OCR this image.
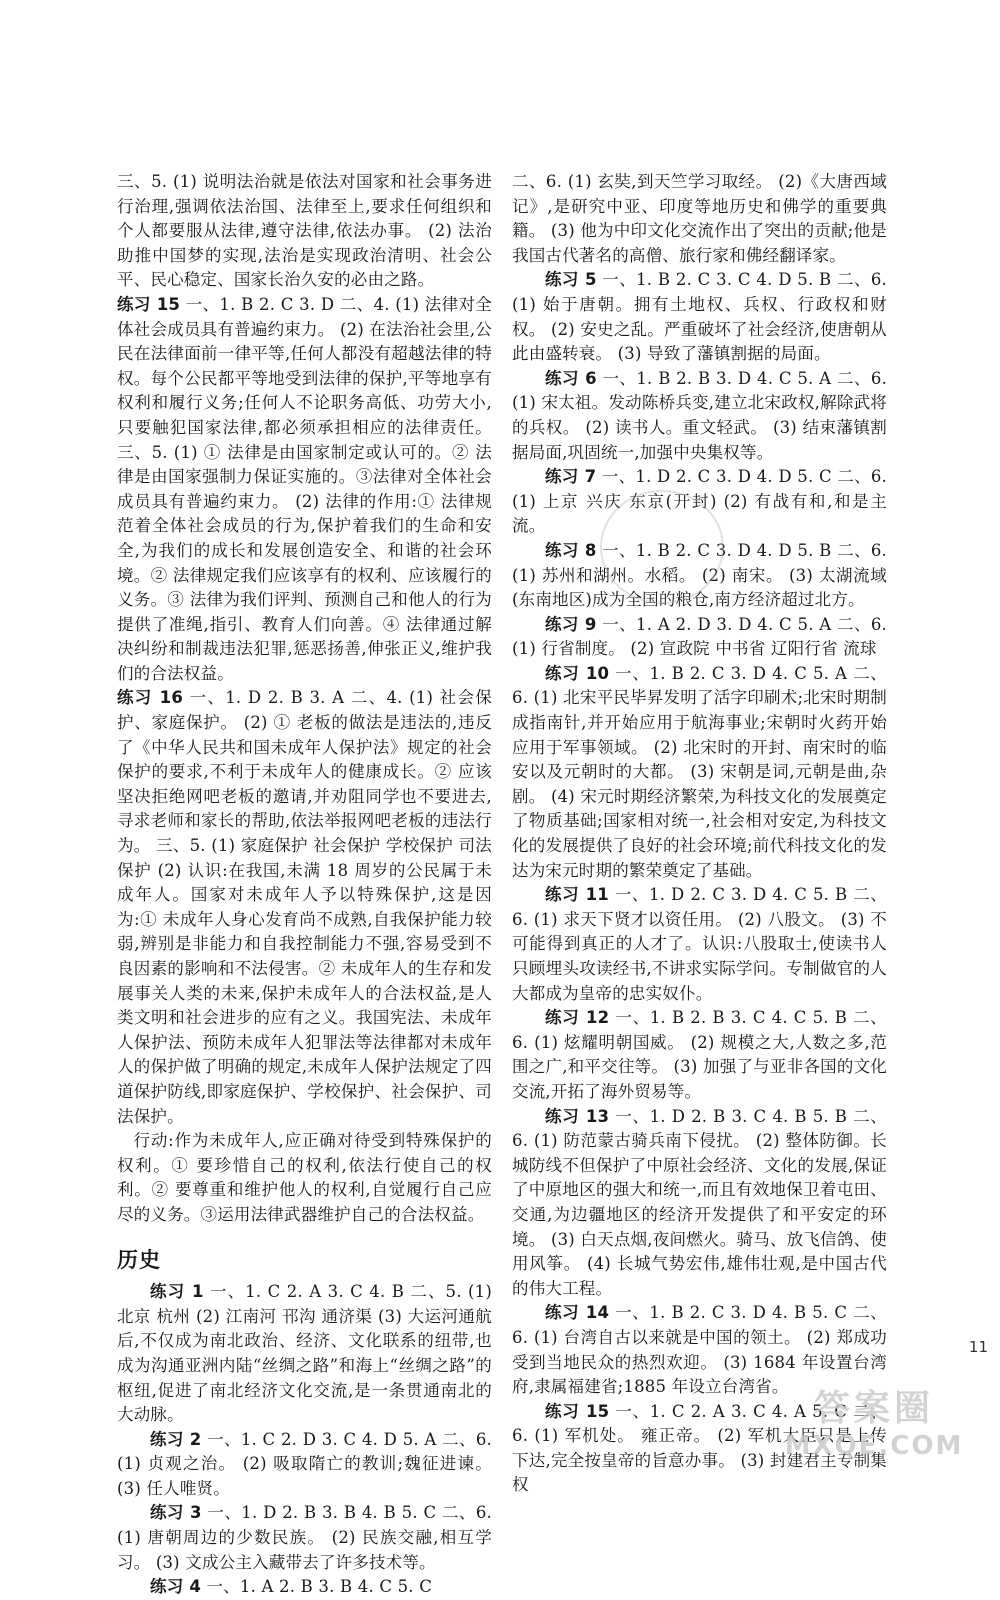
三、5. (1) 说明法治就是依法对国家和社会事务进行治理,强调依法治国、法律至上,要求任何组织和个人都要服从法律,遵守法律,依法办事。 (2) 法治助推中国梦的实现,法治是实现政治清明、社会公平、民心稳定、国家长治久安的必由之路。

练习 15 一、1. B 2. C 3. D 二、4. (1) 法律对全体社会成员具有普遍约束力。 (2) 在法治社会里,公民在法律面前一律平等,任何人都没有超越法律的特权。每个公民都平等地受到法律的保护,平等地享有权利和履行义务;任何人不论职务高低、功劳大小,只要触犯国家法律,都必须承担相应的法律责任。 三、5. (1) ① 法律是由国家制定或认可的。② 法律是由国家强制力保证实施的。③法律对全体社会成员具有普遍约束力。 (2) 法律的作用:① 法律规范着全体社会成员的行为,保护着我们的生命和安全,为我们的成长和发展创造安全、和谐的社会环境。② 法律规定我们应该享有的权利、应该履行的义务。③ 法律为我们评判、预测自己和他人的行为提供了准绳,指引、教育人们向善。④ 法律通过解决纠纷和制裁违法犯罪,惩恶扬善,伸张正义,维护我们的合法权益。

练习 16 一、1. D 2. B 3. A 二、4. (1) 社会保护、家庭保护。 (2) ① 老板的做法是违法的,违反了《中华人民共和国未成年人保护法》规定的社会保护的要求,不利于未成年人的健康成长。② 应该坚决拒绝网吧老板的邀请,并劝阻同学也不要进去,寻求老师和家长的帮助,依法举报网吧老板的违法行为。 三、5. (1) 家庭保护 社会保护 学校保护 司法保护 (2) 认识:在我国,未满 18 周岁的公民属于未成年人。国家对未成年人予以特殊保护,这是因为:① 未成年人身心发育尚不成熟,自我保护能力较弱,辨别是非能力和自我控制能力不强,容易受到不良因素的影响和不法侵害。② 未成年人的生存和发展事关人类的未来,保护未成年人的合法权益,是人类文明和社会进步的应有之义。我国宪法、未成年人保护法、预防未成年人犯罪法等法律都对未成年人的保护做了明确的规定,未成年人保护法规定了四道保护防线,即家庭保护、学校保护、社会保护、司法保护。

行动:作为未成年人,应正确对待受到特殊保护的权利。① 要珍惜自己的权利,依法行使自己的权利。② 要尊重和维护他人的权利,自觉履行自己应尽的义务。③运用法律武器维护自己的合法权益。

历史

练习 1 一、1. C 2. A 3. C 4. B 二、5. (1) 北京 杭州 (2) 江南河 邗沟 通济渠 (3) 大运河通航后,不仅成为南北政治、经济、文化联系的纽带,也成为沟通亚洲内陆“丝绸之路”和海上“丝绸之路”的枢纽,促进了南北经济文化交流,是一条贯通南北的大动脉。

练习 2 一、1. C 2. D 3. C 4. D 5. A 二、6. (1) 贞观之治。 (2) 吸取隋亡的教训;魏征进谏。 (3) 任人唯贤。

练习 3 一、1. D 2. B 3. B 4. B 5. C 二、6. (1) 唐朝周边的少数民族。 (2) 民族交融,相互学习。 (3) 文成公主入藏带去了许多技术等。

练习 4 一、1. A 2. B 3. B 4. C 5. C

二、6. (1) 玄奘,到天竺学习取经。 (2)《大唐西域记》,是研究中亚、印度等地历史和佛学的重要典籍。 (3) 他为中印文化交流作出了突出的贡献;他是我国古代著名的高僧、旅行家和佛经翻译家。

练习 5 一、1. B 2. C 3. C 4. D 5. B 二、6. (1) 始于唐朝。拥有土地权、兵权、行政权和财权。 (2) 安史之乱。严重破坏了社会经济,使唐朝从此由盛转衰。 (3) 导致了藩镇割据的局面。

练习 6 一、1. B 2. B 3. D 4. C 5. A 二、6. (1) 宋太祖。发动陈桥兵变,建立北宋政权,解除武将的兵权。 (2) 读书人。重文轻武。 (3) 结束藩镇割据局面,巩固统一,加强中央集权等。

练习 7 一、1. D 2. C 3. D 4. D 5. C 二、6. (1) 上京 兴庆 东京(开封) (2) 有战有和,和是主流。

练习 8 一、1. B 2. C 3. D 4. D 5. B 二、6. (1) 苏州和湖州。水稻。 (2) 南宋。 (3) 太湖流域(东南地区)成为全国的粮仓,南方经济超过北方。

练习 9 一、1. A 2. D 3. D 4. C 5. A 二、6. (1) 行省制度。 (2) 宣政院 中书省 辽阳行省 流球

练习 10 一、1. B 2. C 3. D 4. C 5. A 二、6. (1) 北宋平民毕昇发明了活字印刷术;北宋时期制成指南针,并开始应用于航海事业;宋朝时火药开始应用于军事领域。 (2) 北宋时的开封、南宋时的临安以及元朝时的大都。 (3) 宋朝是词,元朝是曲,杂剧。 (4) 宋元时期经济繁荣,为科技文化的发展奠定了物质基础;国家相对统一,社会相对安定,为科技文化的发展提供了良好的社会环境;前代科技文化的发达为宋元时期的繁荣奠定了基础。

练习 11 一、1. D 2. C 3. D 4. C 5. B 二、6. (1) 求天下贤才以资任用。 (2) 八股文。 (3) 不可能得到真正的人才了。认识:八股取士,使读书人只顾埋头攻读经书,不讲求实际学问。专制做官的人大都成为皇帝的忠实奴仆。

练习 12 一、1. B 2. B 3. C 4. C 5. B 二、6. (1) 炫耀明朝国威。 (2) 规模之大,人数之多,范围之广,和平交往等。 (3) 加强了与亚非各国的文化交流,开拓了海外贸易等。

练习 13 一、1. D 2. B 3. C 4. B 5. B 二、6. (1) 防范蒙古骑兵南下侵扰。 (2) 整体防御。长城防线不但保护了中原社会经济、文化的发展,保证了中原地区的强大和统一,而且有效地保卫着屯田、交通,为边疆地区的经济开发提供了和平安定的环境。 (3) 白天点烟,夜间燃火。骑马、放飞信鸽、使用风筝。 (4) 长城气势宏伟,雄伟壮观,是中国古代的伟大工程。

练习 14 一、1. B 2. C 3. D 4. B 5. C 二、6. (1) 台湾自古以来就是中国的领土。 (2) 郑成功受到当地民众的热烈欢迎。 (3) 1684 年设置台湾府,隶属福建省;1885 年设立台湾省。

练习 15 一、1. C 2. A 3. C 4. A 5. C 二、6. (1) 军机处。 雍正帝。 (2) 军机大臣只是上传下达,完全按皇帝的旨意办事。 (3) 封建君主专制集权

11
答案圈
MXQE.COM
